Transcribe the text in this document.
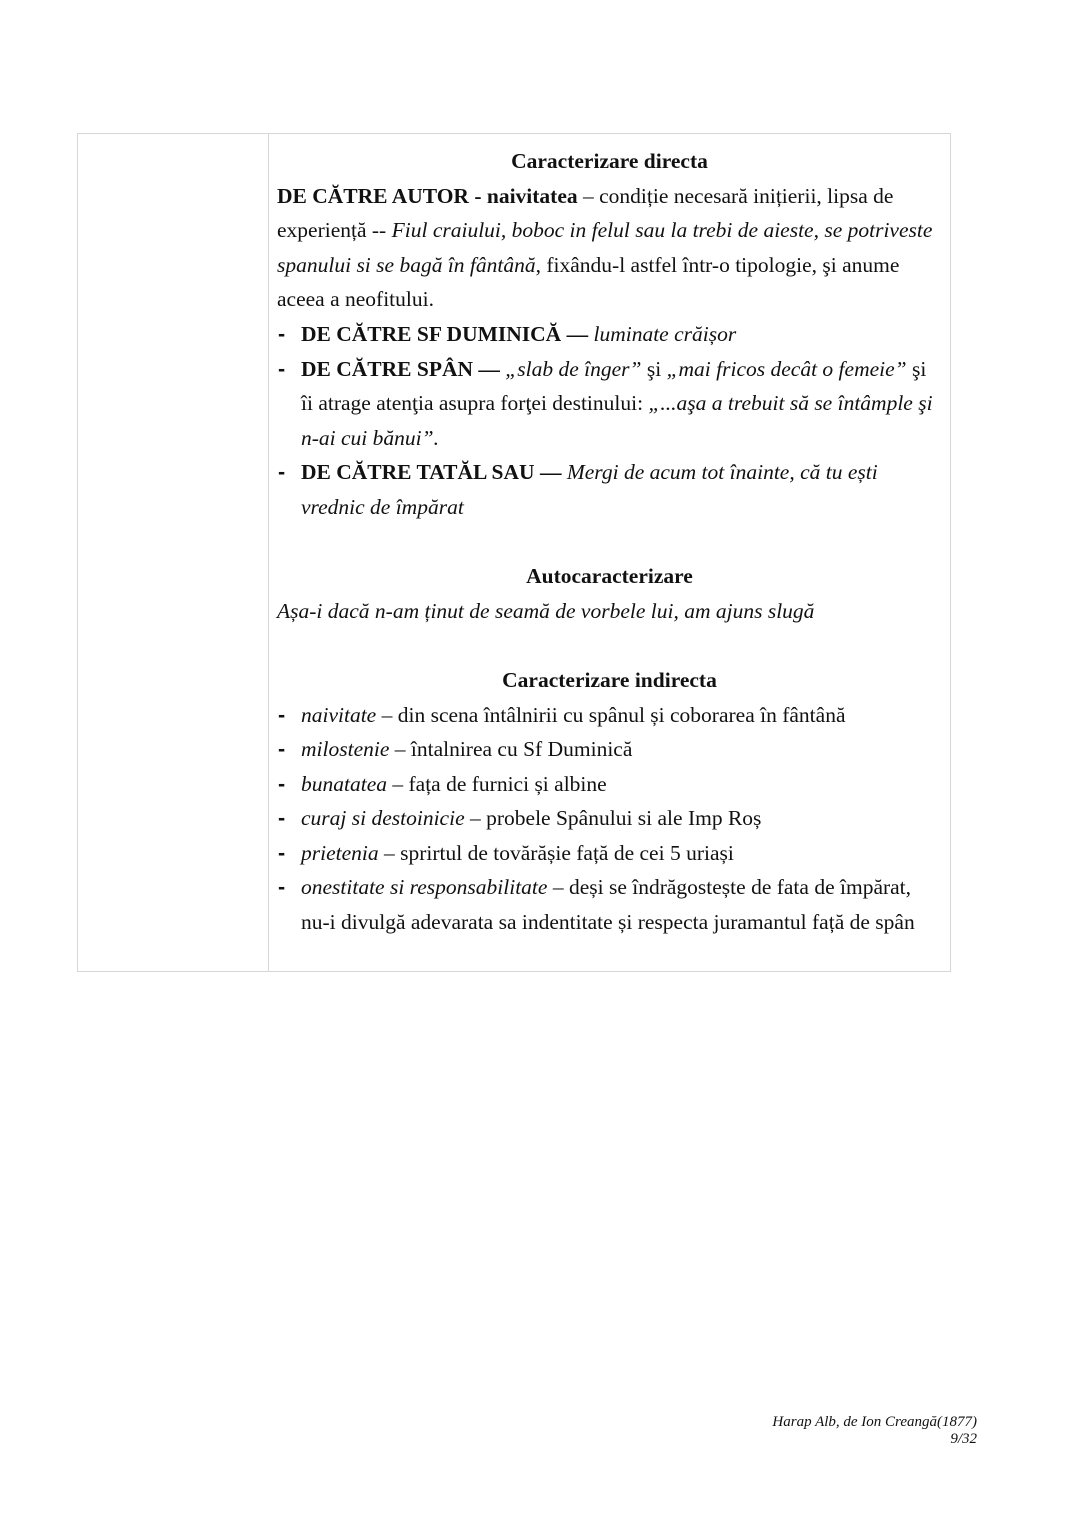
Caracterizare directa

DE CĂTRE AUTOR - naivitatea – condiție necesară inițierii, lipsa de experiență -- Fiul craiului, boboc in felul sau la trebi de aieste, se potriveste spanului si se bagă în fântână, fixându-l astfel într-o tipologie, şi anume aceea a neofitului.

- DE CĂTRE SF DUMINICĂ — luminate crăișor
- DE CĂTRE SPÂN — „slab de înger” şi „mai fricos decât o femeie” şi îi atrage atenţia asupra forţei destinului: „...aşa a trebuit să se întâmple şi n-ai cui bănui”.
- DE CĂTRE TATĂL SAU — Mergi de acum tot înainte, că tu ești vrednic de împărat
Autocaracterizare

Așa-i dacă n-am ținut de seamă de vorbele lui, am ajuns slugă

Caracterizare indirecta
- naivitate – din scena întâlnirii cu spânul și coborarea în fântână
- milostenie – întalnirea cu Sf Duminică
- bunatatea – fața de furnici și albine
- curaj si destoinicie – probele Spânului si ale Imp Roș
- prietenia – sprirtul de tovărășie față de cei 5 uriași
- onestitate si responsabilitate – deși se îndrăgostește de fata de împărat, nu-i divulgă adevarata sa indentitate și respecta juramantul față de spân
Harap Alb, de Ion Creangă(1877)
9/32
